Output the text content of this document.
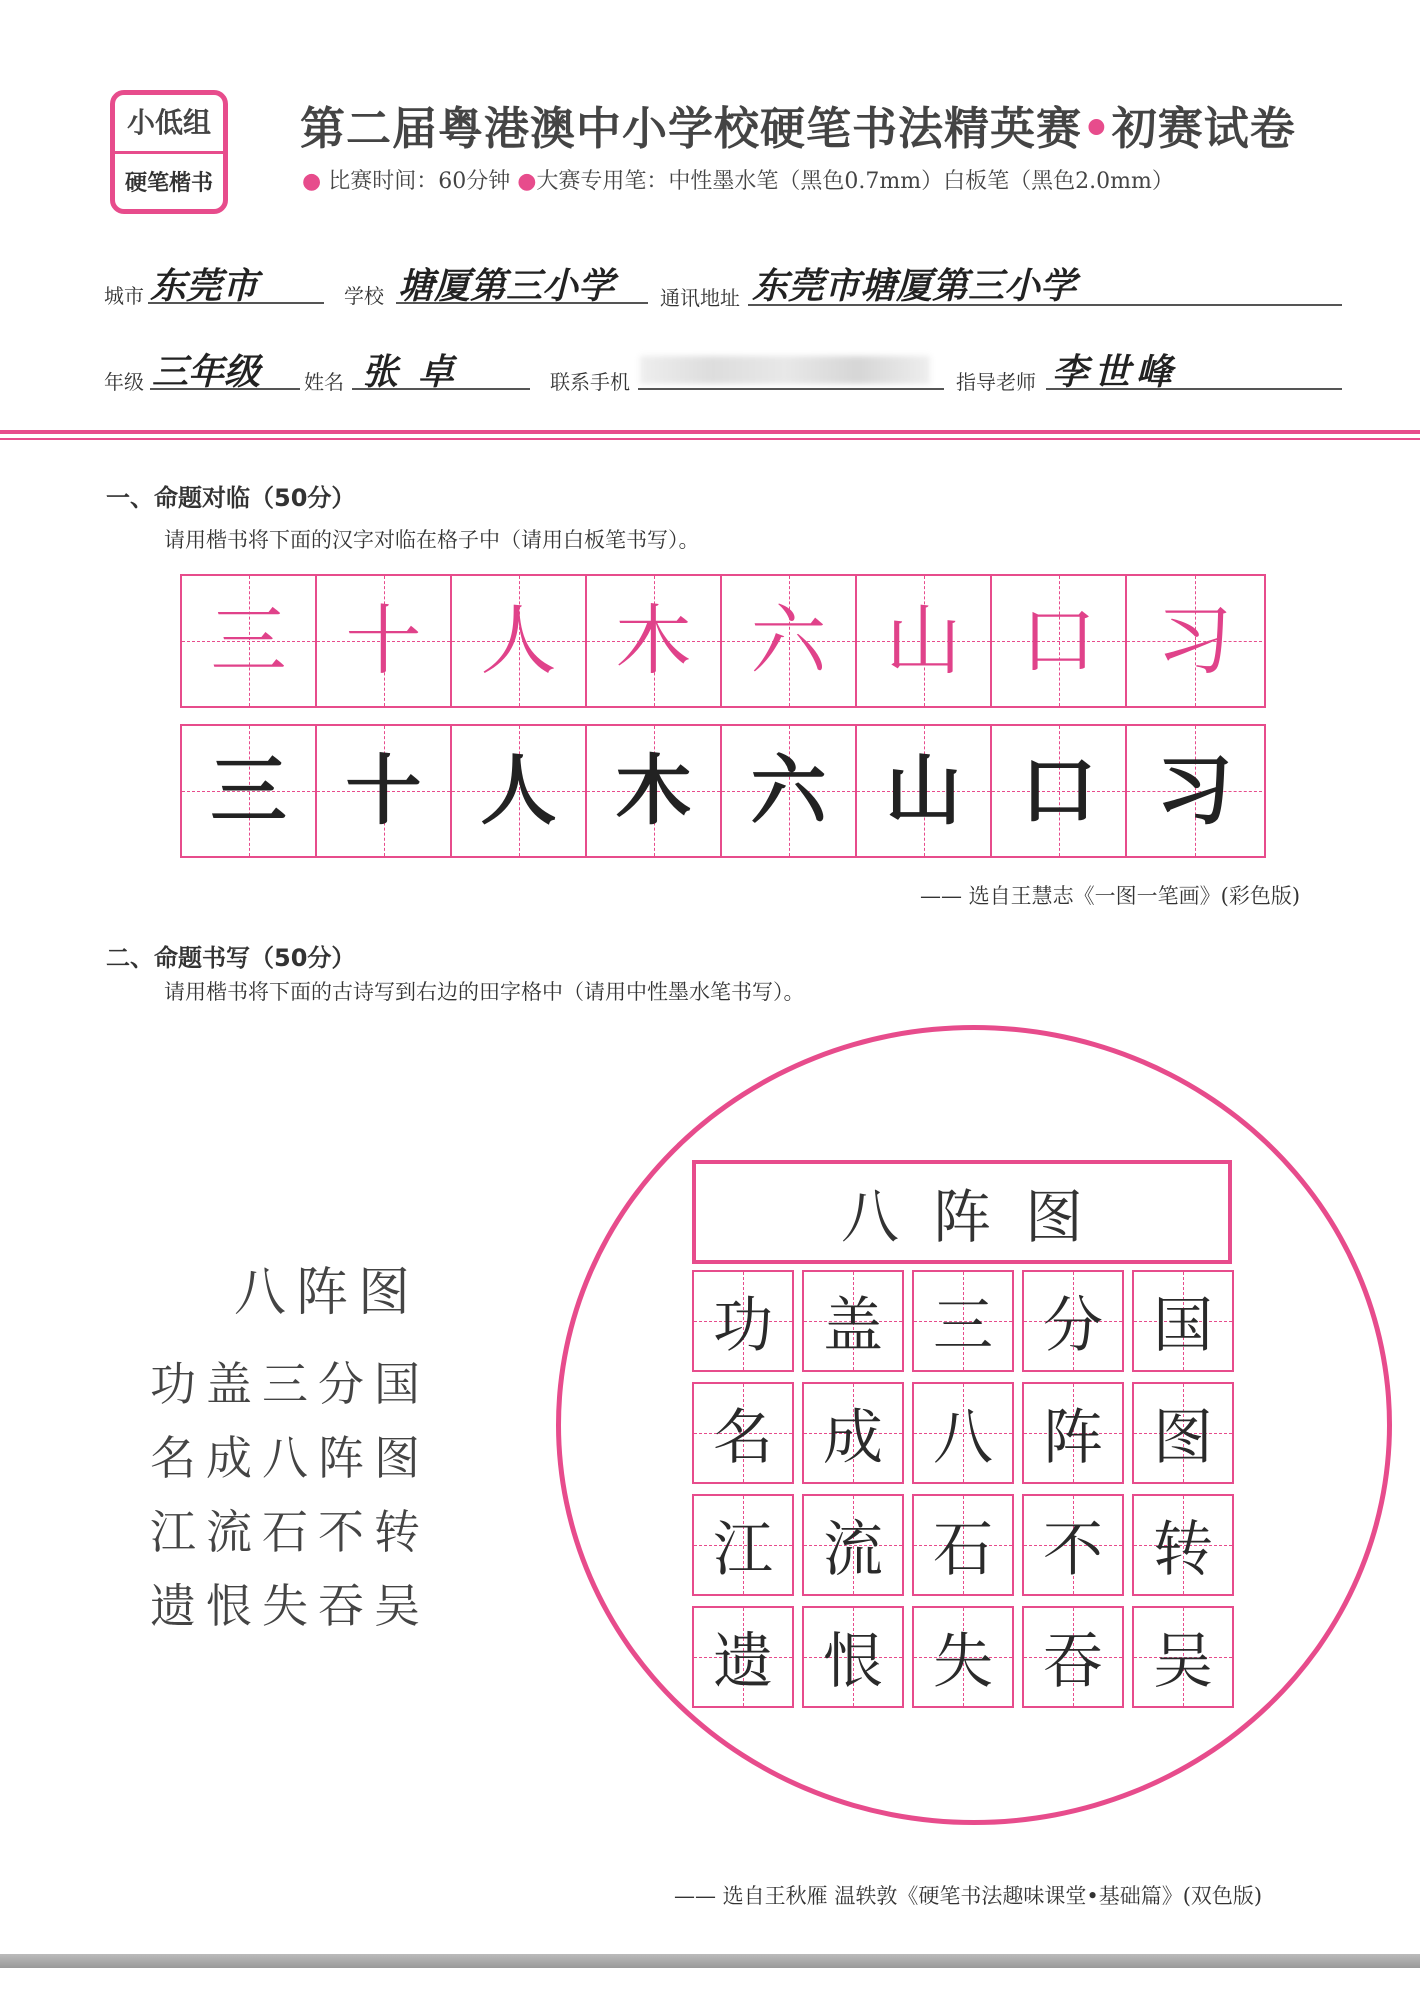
小低组
硬笔楷书
第二届粤港澳中小学校硬笔书法精英赛•初赛试卷
● 比赛时间：60分钟 ●大赛专用笔：中性墨水笔（黑色0.7mm）白板笔（黑色2.0mm）
城市 东莞市	学校 塘厦第三小学 通讯地址 东莞市塘厦第三小学
年级 三年级 姓名 张卓	联系手机	指导老师 李世峰
一、命题对临（50分）
请用楷书将下面的汉字对临在格子中（请用白板笔书写）。
三 十 人 木 六 山 口 习
三 十 人 木 六 山 口 习
—— 选自王慧志《一图一笔画》(彩色版)
二、命题书写（50分）
请用楷书将下面的古诗写到右边的田字格中（请用中性墨水笔书写）。
八阵图
功盖三分国
名成八阵图
江流石不转
遗恨失吞吴
八阵图
功 盖 三 分 国
名 成 八 阵 图
江 流 石 不 转
遗 恨 失 吞 吴
—— 选自王秋雁 温轶敦《硬笔书法趣味课堂•基础篇》(双色版)
